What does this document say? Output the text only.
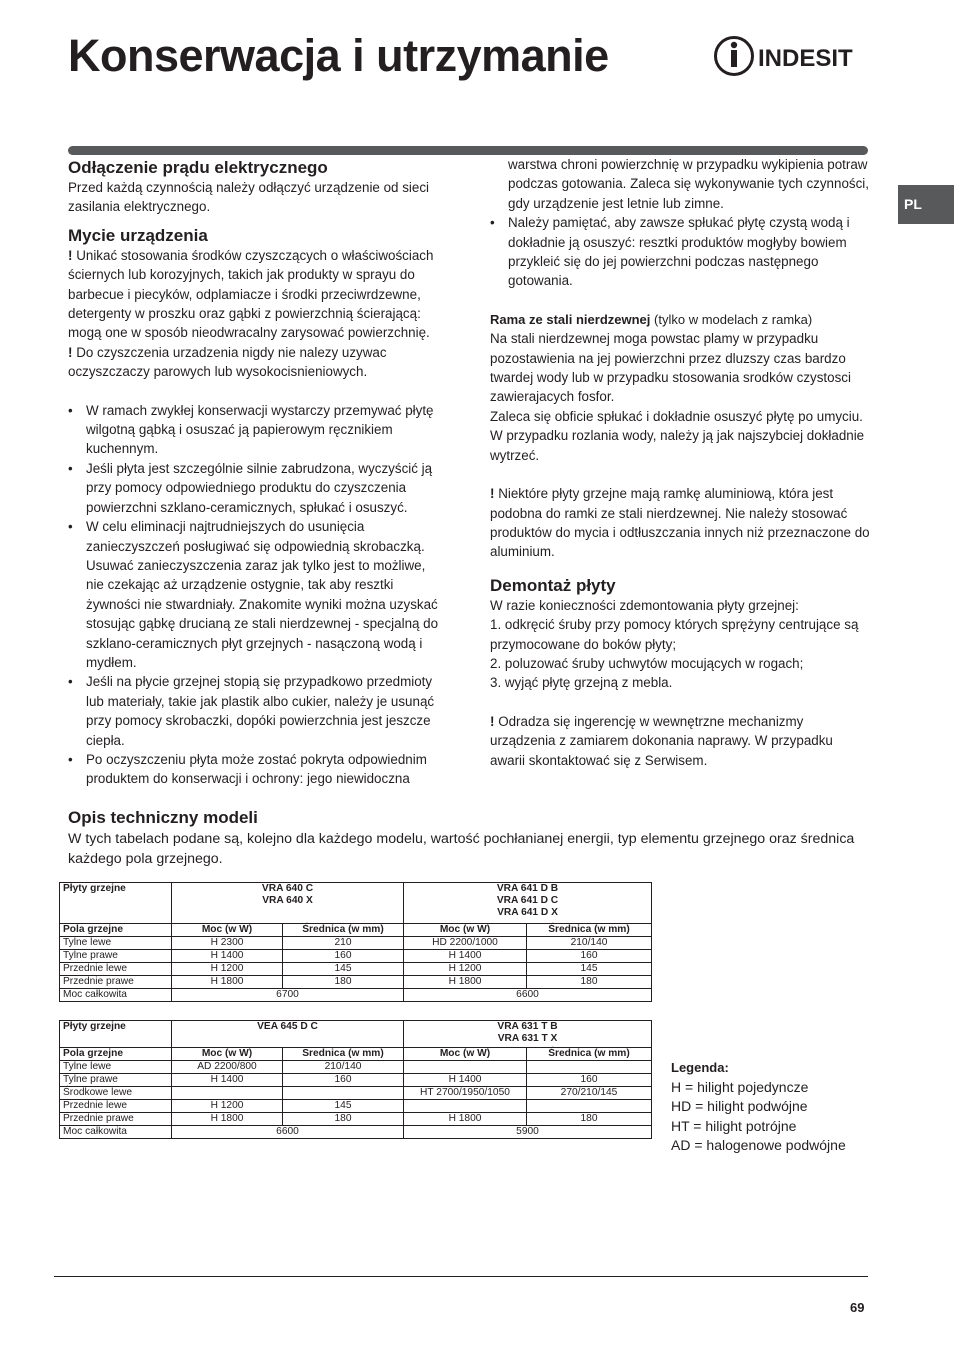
Konserwacja i utrzymanie	INDESIT
PL
Odłączenie prądu elektrycznego

Przed każdą czynnością należy odłączyć urządzenie od sieci zasilania elektrycznego.

Mycie urządzenia

! Unikać stosowania środków czyszczących o właściwościach ściernych lub korozyjnych, takich jak produkty w sprayu do barbecue i piecyków, odplamiacze i środki przeciwrdzewne, detergenty w proszku oraz gąbki z powierzchnią ścierającą: mogą one w sposób nieodwracalny zarysować powierzchnię.

! Do czyszczenia urzadzenia nigdy nie nalezy uzywac oczyszczaczy parowych lub wysokocisnieniowych.

• W ramach zwykłej konserwacji wystarczy przemywać płytę wilgotną gąbką i osuszać ją papierowym ręcznikiem kuchennym.
• Jeśli płyta jest szczególnie silnie zabrudzona, wyczyścić ją przy pomocy odpowiedniego produktu do czyszczenia powierzchni szklano-ceramicznych, spłukać i osuszyć.
• W celu eliminacji najtrudniejszych do usunięcia zanieczyszczeń posługiwać się odpowiednią skrobaczką. Usuwać zanieczyszczenia zaraz jak tylko jest to możliwe, nie czekając aż urządzenie ostygnie, tak aby resztki żywności nie stwardniały. Znakomite wyniki można uzyskać stosując gąbkę drucianą ze stali nierdzewnej - specjalną do szklano-ceramicznych płyt grzejnych - nasączoną wodą i mydłem.
• Jeśli na płycie grzejnej stopią się przypadkowo przedmioty lub materiały, takie jak plastik albo cukier, należy je usunąć przy pomocy skrobaczki, dopóki powierzchnia jest jeszcze ciepła.
• Po oczyszczeniu płyta może zostać pokryta odpowiednim produktem do konserwacji i ochrony: jego niewidoczna

warstwa chroni powierzchnię w przypadku wykipienia potraw podczas gotowania. Zaleca się wykonywanie tych czynności, gdy urządzenie jest letnie lub zimne.

• Należy pamiętać, aby zawsze spłukać płytę czystą wodą i dokładnie ją osuszyć: resztki produktów mogłyby bowiem przykleić się do jej powierzchni podczas następnego gotowania.

Rama ze stali nierdzewnej (tylko w modelach z ramka)

Na stali nierdzewnej moga powstac plamy w przypadku pozostawienia na jej powierzchni przez dluzszy czas bardzo twardej wody lub w przypadku stosowania srodków czystosci zawierajacych fosfor.

Zaleca się obficie spłukać i dokładnie osuszyć płytę po umyciu. W przypadku rozlania wody, należy ją jak najszybciej dokładnie wytrzeć.

! Niektóre płyty grzejne mają ramkę aluminiową, która jest podobna do ramki ze stali nierdzewnej. Nie należy stosować produktów do mycia i odtłuszczania innych niż przeznaczone do aluminium.

Demontaż płyty

W razie konieczności zdemontowania płyty grzejnej:

1. odkręcić śruby przy pomocy których sprężyny centrujące są przymocowane do boków płyty;

2. poluzować śruby uchwytów mocujących w rogach;

3. wyjąć płytę grzejną z mebla.

! Odradza się ingerencję w wewnętrzne mechanizmy urządzenia z zamiarem dokonania naprawy. W przypadku awarii skontaktować się z Serwisem.

Opis techniczny modeli

W tych tabelach podane są, kolejno dla każdego modelu, wartość pochłanianej energii, typ elementu grzejnego oraz średnica każdego pola grzejnego.

Płyty grzejne	VRA 640 C
VRA 640 X		VRA 641 D B
VRA 641 D C
VRA 641 D X	
Pola grzejne	Moc (w W)	Średnica (w mm)	Moc (w W)	Średnica (w mm)
Tylne lewe	H 2300	210	HD 2200/1000	210/140
Tylne prawe	H 1400	160	H 1400	160
Przednie lewe	H 1200	145	H 1200	145
Przednie prawe	H 1800	180	H 1800	180
Moc całkowita	6700		6600	
Płyty grzejne	VEA 645 D C		VRA 631 T B
VRA 631 T X	
Pola grzejne	Moc (w W)	Srednica (w mm)	Moc (w W)	Średnica (w mm)
Tylne lewe	AD 2200/800	210/140		
Tylne prawe	H 1400	160	H 1400	160
Środkowe lewe			HT 2700/1950/1050	270/210/145
Przednie lewe	H 1200	145		
Przednie prawe	H 1800	180	H 1800	180
Moc całkowita	6600		5900	
Legenda:
H = hilight pojedyncze
HD = hilight podwójne
HT = hilight potrójne
AD = halogenowe podwójne
69
